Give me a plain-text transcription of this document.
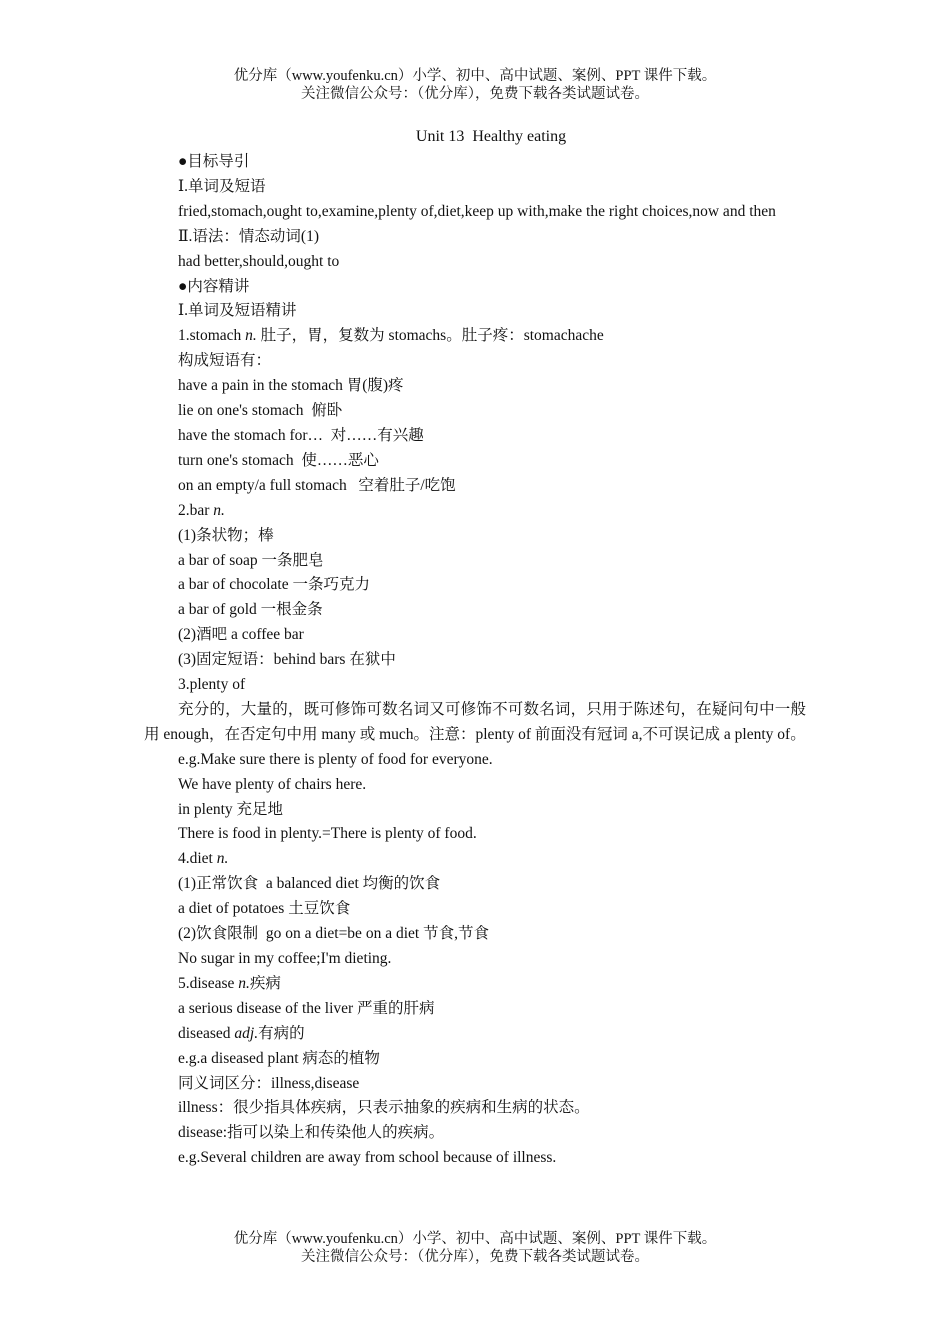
优分库（www.youfenku.cn）小学、初中、高中试题、案例、PPT 课件下载。
关注微信公众号：（优分库），免费下载各类试题试卷。
Unit 13  Healthy eating
●目标导引
Ⅰ.单词及短语
fried,stomach,ought to,examine,plenty of,diet,keep up with,make the right choices,now and then
Ⅱ.语法：情态动词(1)
had better,should,ought to
●内容精讲
Ⅰ.单词及短语精讲
1.stomach n. 肚子，胃，复数为 stomachs。肚子疼：stomachache
构成短语有：
have a pain in the stomach 胃(腹)疼
lie on one's stomach  俯卧
have the stomach for…  对……有兴趣
turn one's stomach  使……恶心
on an empty/a full stomach   空着肚子/吃饱
2.bar n.
(1)条状物；棒
a bar of soap 一条肥皂
a bar of chocolate 一条巧克力
a bar of gold 一根金条
(2)酒吧 a coffee bar
(3)固定短语：behind bars 在狱中
3.plenty of
充分的，大量的，既可修饰可数名词又可修饰不可数名词，只用于陈述句，在疑问句中一般用 enough，在否定句中用 many 或 much。注意：plenty of 前面没有冠词 a,不可误记成 a plenty of。
e.g.Make sure there is plenty of food for everyone.
We have plenty of chairs here.
in plenty 充足地
There is food in plenty.=There is plenty of food.
4.diet n.
(1)正常饮食  a balanced diet 均衡的饮食
a diet of potatoes 土豆饮食
(2)饮食限制  go on a diet=be on a diet 节食,节食
No sugar in my coffee;I'm dieting.
5.disease n.疾病
a serious disease of the liver 严重的肝病
diseased adj.有病的
e.g.a diseased plant 病态的植物
同义词区分：illness,disease
illness：很少指具体疾病，只表示抽象的疾病和生病的状态。
disease:指可以染上和传染他人的疾病。
e.g.Several children are away from school because of illness.
优分库（www.youfenku.cn）小学、初中、高中试题、案例、PPT 课件下载。
关注微信公众号：（优分库），免费下载各类试题试卷。
